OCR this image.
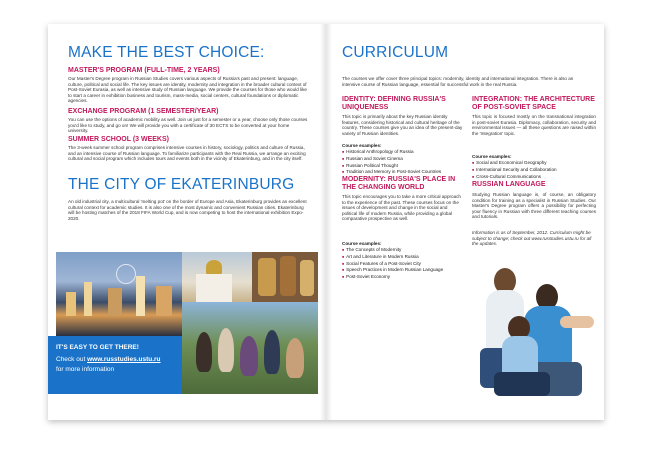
MAKE THE BEST CHOICE:
MASTER'S PROGRAM (FULL-TIME, 2 YEARS)
Our Master's Degree program in Russian Studies covers various aspects of Russia's past and present: language, culture, political and social life. The key issues are identity, modernity and integration in the broader cultural context of Post-Soviet Eurasia, as well as intensive study of Russian language. We provide the courses for those who would like to start a career in exhibition business and tourism, mass-media, social centers, cultural foundations or diplomatic agencies.
EXCHANGE PROGRAM (1 SEMESTER/YEAR)
You can use the options of academic mobility as well. Join us just for a semester or a year, choose only those courses you'd like to study, and go on! We will provide you with a certificate of 30 ECTS to be converted at your home university.
SUMMER SCHOOL (3 WEEKS)
The 3-week summer school program comprises intensive courses in history, sociology, politics and culture of Russia, and an intensive course of Russian language. To familiarize participants with the Real Russia, we arrange an exciting cultural and social program which includes tours and events both in the vicinity of Ekaterinburg, and in the city itself.
THE CITY OF EKATERINBURG
An old industrial city, a multicultural 'melting pot' on the border of Europe and Asia, Ekaterinburg provides an excellent cultural context for academic studies. It is also one of the most dynamic and convenient Russian cities. Ekaterinburg will be hosting matches of the 2018 FIFA World Cup, and is now competing to host the international exhibition Expo-2020.
IT'S EASY TO GET THERE!
Check out www.russtudies.ustu.ru
for more information
CURRICULUM
The courses we offer cover three principal topics: modernity, identity and international integration. There is also an intensive course of Russian language, essential for successful work in the real Russia.
IDENTITY: DEFINING RUSSIA'S UNIQUENESS
This topic is primarily about the key Russian identity features, considering historical and cultural heritage of the country. These courses give you an idea of the present-day variety of Russian identities.
Course examples:
■ Historical Anthropology of Russia
■ Russian and Soviet Cinema
■ Russian Political Thought
■ Tradition and Memory in Post-Soviet Countries
MODERNITY: RUSSIA'S PLACE IN THE CHANGING WORLD
This topic encourages you to take a more critical approach to the experience of the past. These courses focus on the issues of development and change in the social and political life of modern Russia, while providing a global comparative prospective as well.
Course examples:
■ The Concepts of Modernity
■ Art and Literature in Modern Russia
■ Social Features of a Post-Soviet City
■ Speech Practices in Modern Russian Language
■ Post-Soviet Economy
INTEGRATION: THE ARCHITECTURE OF POST-SOVIET SPACE
This topic is focused mostly on the transnational integration in post-soviet Eurasia. Diplomacy, collaboration, security and environmental issues — all these questions are raised within the 'Integration' topic.
Course examples:
■ Social and Economical Geography
■ International Security and Collaboration
■ Cross-Cultural Communications
RUSSIAN LANGUAGE
Studying Russian language is, of course, an obligatory condition for training as a specialist in Russian Studies. Our Master's Degree program offers a possibility for perfecting your fluency in Russian with three different teaching courses and tutorials.
Information is as of September, 2012. Curriculum might be subject to change; check out www.russtudies.ustu.ru for all the updates.
